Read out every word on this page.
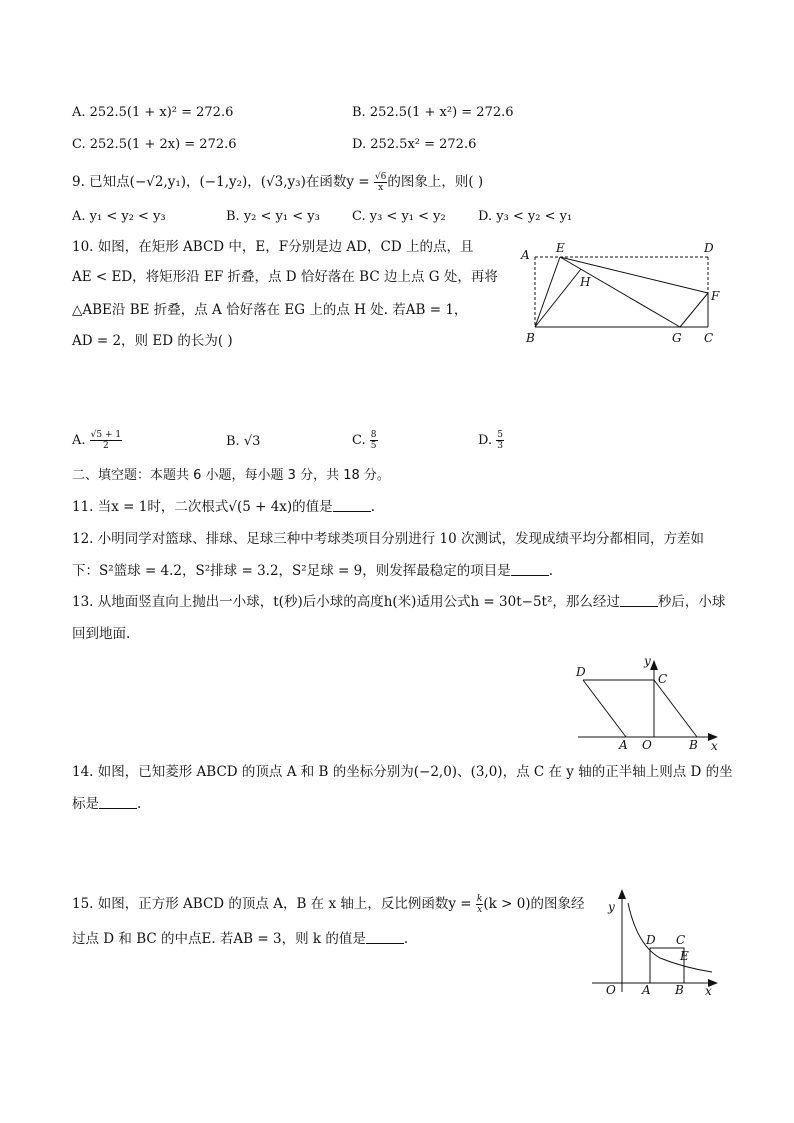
A. 252.5(1 + x)² = 272.6	B. 252.5(1 + x²) = 272.6
C. 252.5(1 + 2x) = 272.6	D. 252.5x² = 272.6
9. 已知点(−√2,y₁)，(−1,y₂)，(√3,y₃)在函数$y = \frac{√6}{x}$ 的图象上，则( )
A. y₁ < y₂ < y₃	B. y₂ < y₁ < y₃ C. y₃ < y₁ < y₂ D. y₃ < y₂ < y₁
10. 如图，在矩形 ABCD 中，E，F分别是边 AD，CD 上的点，且
AE < ED，将矩形沿 EF 折叠，点 D 恰好落在 BC 边上点 G 处，再将
△ABE沿 BE 折叠，点 A 恰好落在 EG 上的点 H 处. 若AB = 1，
AD = 2，则 ED 的长为( )
A E	D
H
F
B	G C
A. $\frac{√5 + 1}{2}$	B. √3	C. $\frac{8}{5}$	D. $\frac{5}{3}$
二、填空题：本题共 6 小题，每小题 3 分，共 18 分。
11. 当x = 1时，二次根式√(5 + 4x)的值是	.
12. 小明同学对篮球、排球、足球三种中考球类项目分别进行 10 次测试，发现成绩平均分都相同，方差如
下：S²篮球 = 4.2，S²排球 = 3.2，S²足球 = 9，则发挥最稳定的项目是	.
13. 从地面竖直向上抛出一小球，t(秒)后小球的高度h(米)适用公式h = 30t−5t²，那么经过	秒后，小球
回到地面.
D
y
C
A O	B x
14. 如图，已知菱形 ABCD 的顶点 A 和 B 的坐标分别为(−2,0)、(3,0)，点 C 在 y 轴的正半轴上则点 D 的坐
标是	.
15. 如图，正方形 ABCD 的顶点 A，B 在 x 轴上，反比例函数$y = \frac{k}{x} (k > 0)$的图象经
过点 D 和 BC 的中点E. 若AB = 3，则 k 的值是	.
y
D C
E
O A B x
